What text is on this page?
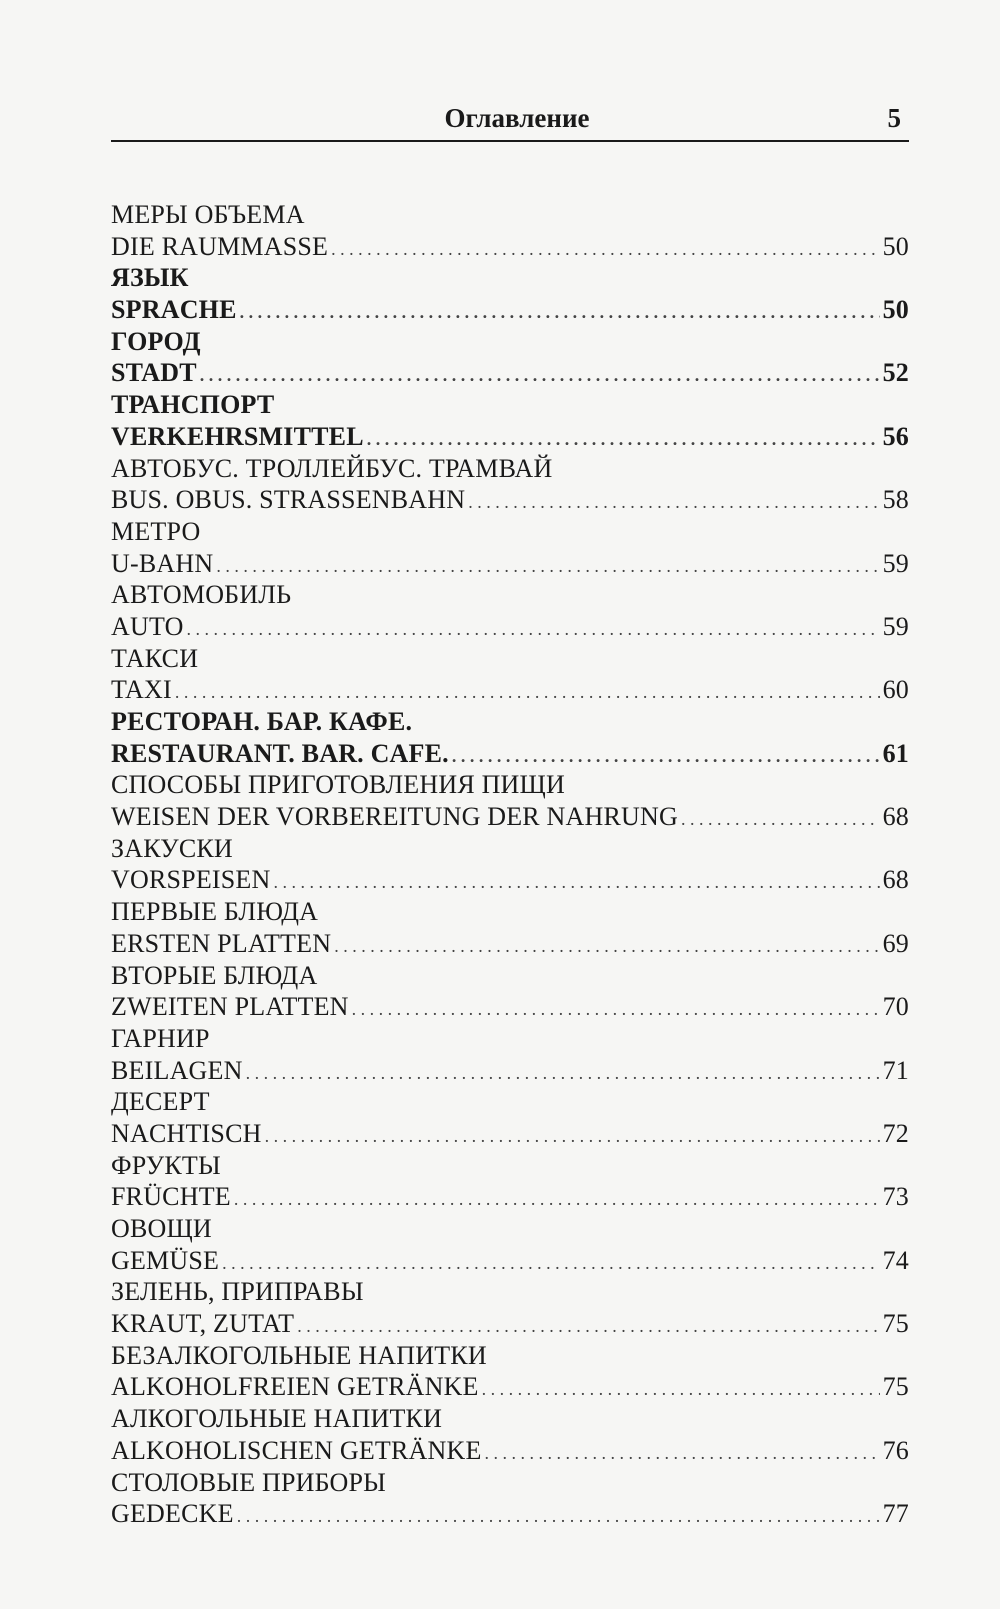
Оглавление	5
МЕРЫ ОБЪЕМА
DIE RAUMMASSE . . .	50
ЯЗЫК
SPRACHE . . .	50
ГОРОД
STADT . . .	52
ТРАНСПОРТ
VERKEHRSMITTEL . . .	56
АВТОБУС. ТРОЛЛЕЙБУС. ТРАМВАЙ
BUS. OBUS. STRASSENBAHN . . .	58
МЕТРО
U-BAHN . . .	59
АВТОМОБИЛЬ
AUTO . . .	59
ТАКСИ
TAXI . . .	60
РЕСТОРАН. БАР. КАФЕ.
RESTAURANT. BAR. CAFE. . . .	61
СПОСОБЫ ПРИГОТОВЛЕНИЯ ПИЩИ
WEISEN DER VORBEREITUNG DER NAHRUNG . . .	68
ЗАКУСКИ
VORSPEISEN . . .	68
ПЕРВЫЕ БЛЮДА
ERSTEN PLATTEN . . .	69
ВТОРЫЕ БЛЮДА
ZWEITEN PLATTEN . . .	70
ГАРНИР
BEILAGEN . . .	71
ДЕСЕРТ
NACHTISCH . . .	72
ФРУКТЫ
FRÜCHTE . . .	73
ОВОЩИ
GEMÜSE . . .	74
ЗЕЛЕНЬ, ПРИПРАВЫ
KRAUT, ZUTAT . . .	75
БЕЗАЛКОГОЛЬНЫЕ НАПИТКИ
ALKOHOLFREIEN GETRÄNKE . . .	75
АЛКОГОЛЬНЫЕ НАПИТКИ
ALKOHOLISCHEN GETRÄNKE . . .	76
СТОЛОВЫЕ ПРИБОРЫ
GEDECKE . . .	77
